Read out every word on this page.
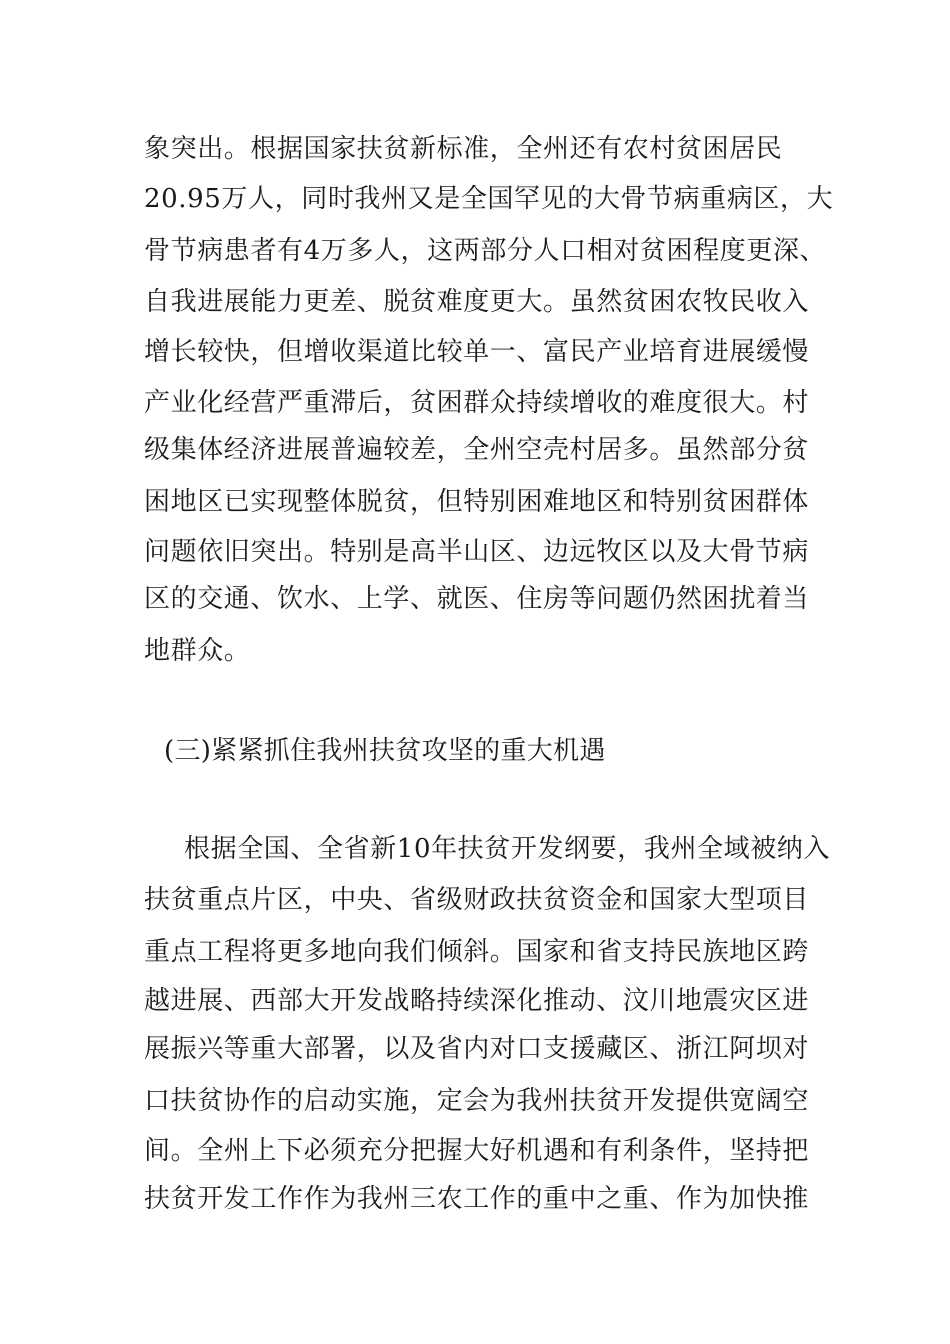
象突出。根据国家扶贫新标准，全州还有农村贫困居民
20.95万人，同时我州又是全国罕见的大骨节病重病区，大
骨节病患者有4万多人，这两部分人口相对贫困程度更深、
自我进展能力更差、脱贫难度更大。虽然贫困农牧民收入
增长较快，但增收渠道比较单一、富民产业培育进展缓慢
产业化经营严重滞后，贫困群众持续增收的难度很大。村
级集体经济进展普遍较差，全州空壳村居多。虽然部分贫
困地区已实现整体脱贫，但特别困难地区和特别贫困群体
问题依旧突出。特别是高半山区、边远牧区以及大骨节病
区的交通、饮水、上学、就医、住房等问题仍然困扰着当
地群众。
(三)紧紧抓住我州扶贫攻坚的重大机遇
根据全国、全省新10年扶贫开发纲要，我州全域被纳入
扶贫重点片区，中央、省级财政扶贫资金和国家大型项目
重点工程将更多地向我们倾斜。国家和省支持民族地区跨
越进展、西部大开发战略持续深化推动、汶川地震灾区进
展振兴等重大部署，以及省内对口支援藏区、浙江阿坝对
口扶贫协作的启动实施，定会为我州扶贫开发提供宽阔空
间。全州上下必须充分把握大好机遇和有利条件，坚持把
扶贫开发工作作为我州三农工作的重中之重、作为加快推
